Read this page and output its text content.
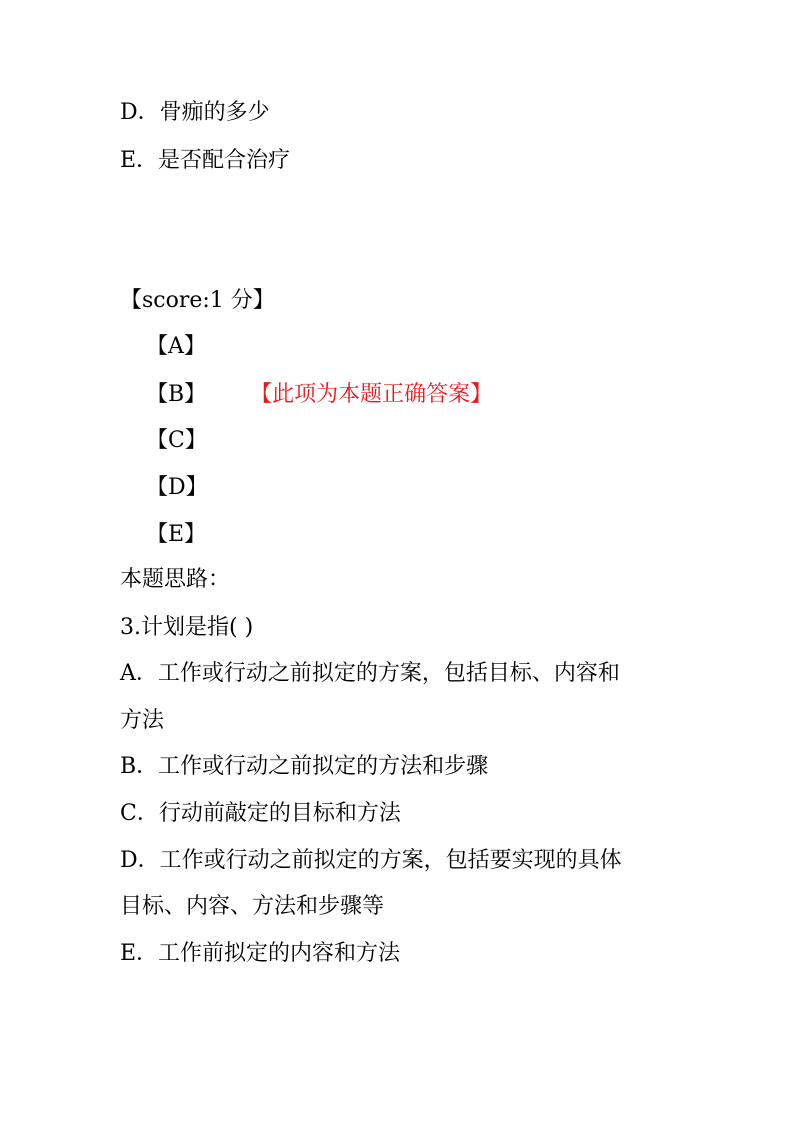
D．骨痂的多少

E．是否配合治疗

【score:1 分】

【A】

【B】 【此项为本题正确答案】

【C】

【D】

【E】

本题思路：

3.计划是指( )

A．工作或行动之前拟定的方案，包括目标、内容和

方法

B．工作或行动之前拟定的方法和步骤

C．行动前敲定的目标和方法

D．工作或行动之前拟定的方案，包括要实现的具体

目标、内容、方法和步骤等

E．工作前拟定的内容和方法
